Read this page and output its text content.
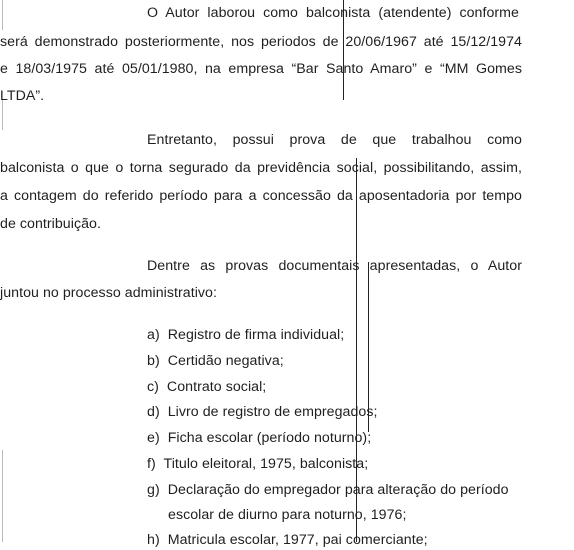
O Autor laborou como balconista (atendente) conforme
será demonstrado posteriormente, nos periodos de 20/06/1967 até 15/12/1974
e 18/03/1975 até 05/01/1980, na empresa “Bar Santo Amaro” e “MM Gomes
LTDA”.
Entretanto, possui prova de que trabalhou como
balconista o que o torna segurado da previdência social, possibilitando, assim,
a contagem do referido período para a concessão da aposentadoria por tempo
de contribuição.
Dentre as provas documentais apresentadas, o Autor
juntou no processo administrativo:
a) Registro de firma individual;
b) Certidão negativa;
c) Contrato social;
d) Livro de registro de empregados;
e) Ficha escolar (período noturno);
f) Titulo eleitoral, 1975, balconista;
g) Declaração do empregador para alteração do período
escolar de diurno para noturno, 1976;
h) Matricula escolar, 1977, pai comerciante;
